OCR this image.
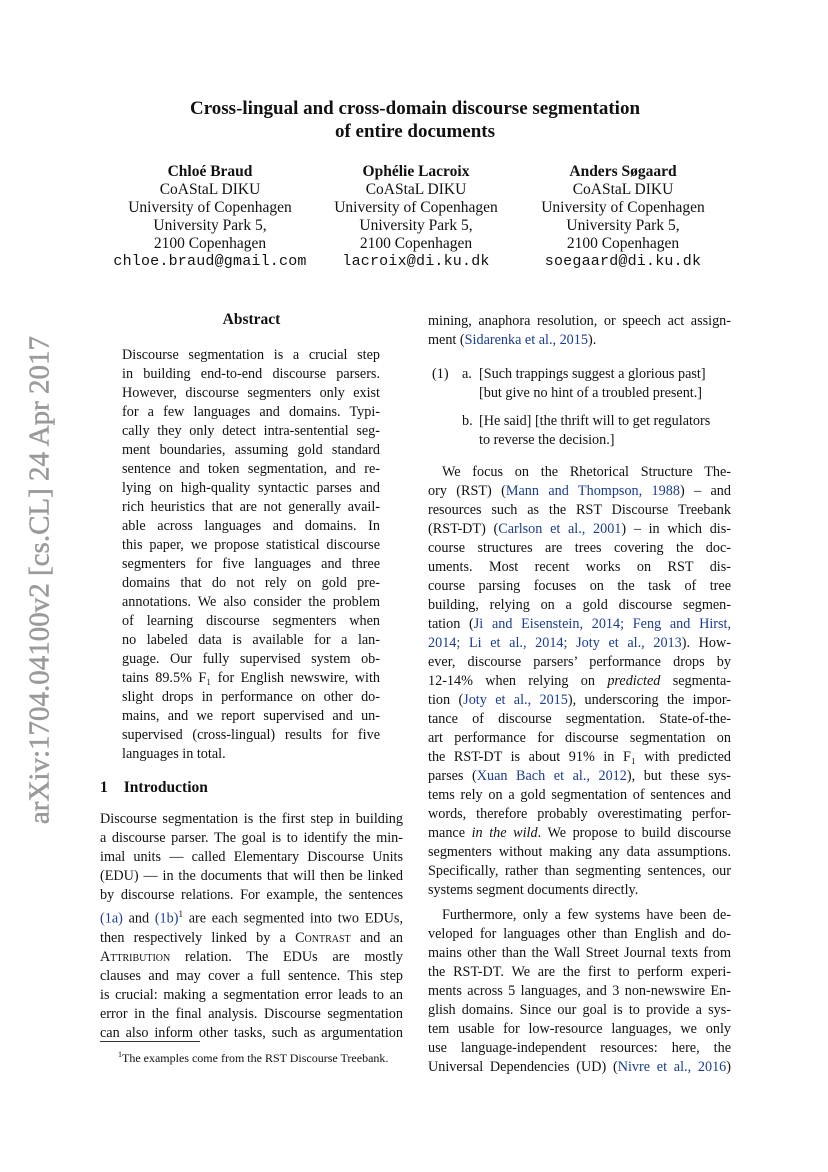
Cross-lingual and cross-domain discourse segmentation
of entire documents
Chloé Braud
CoAStaL DIKU
University of Copenhagen
University Park 5,
2100 Copenhagen
chloe.braud@gmail.com
Ophélie Lacroix
CoAStaL DIKU
University of Copenhagen
University Park 5,
2100 Copenhagen
lacroix@di.ku.dk
Anders Søgaard
CoAStaL DIKU
University of Copenhagen
University Park 5,
2100 Copenhagen
soegaard@di.ku.dk
arXiv:1704.04100v2 [cs.CL] 24 Apr 2017
Abstract
Discourse segmentation is a crucial step
in building end-to-end discourse parsers.
However, discourse segmenters only exist
for a few languages and domains. Typi-
cally they only detect intra-sentential seg-
ment boundaries, assuming gold standard
sentence and token segmentation, and re-
lying on high-quality syntactic parses and
rich heuristics that are not generally avail-
able across languages and domains. In
this paper, we propose statistical discourse
segmenters for five languages and three
domains that do not rely on gold pre-
annotations. We also consider the problem
of learning discourse segmenters when
no labeled data is available for a lan-
guage. Our fully supervised system ob-
tains 89.5% F₁ for English newswire, with
slight drops in performance on other do-
mains, and we report supervised and un-
supervised (cross-lingual) results for five
languages in total.
1 Introduction
Discourse segmentation is the first step in building
a discourse parser. The goal is to identify the min-
imal units — called Elementary Discourse Units
(EDU) — in the documents that will then be linked
by discourse relations. For example, the sentences
(1a) and $(1b)^1$ are each segmented into two EDUs,
then respectively linked by a Contrast and an
Attribution relation. The EDUs are mostly
clauses and may cover a full sentence. This step
is crucial: making a segmentation error leads to an
error in the final analysis. Discourse segmentation
can also inform other tasks, such as argumentation
$^1$The examples come from the RST Discourse Treebank.
mining, anaphora resolution, or speech act assign-
ment (Sidarenka et al., 2015).
(1) a. [Such trappings suggest a glorious past]
[but give no hint of a troubled present.]
b. [He said] [the thrift will to get regulators
to reverse the decision.]
We focus on the Rhetorical Structure The-
ory (RST) (Mann and Thompson, 1988) – and
resources such as the RST Discourse Treebank
(RST-DT) (Carlson et al., 2001) – in which dis-
course structures are trees covering the doc-
uments. Most recent works on RST dis-
course parsing focuses on the task of tree
building, relying on a gold discourse segmen-
tation (Ji and Eisenstein, 2014; Feng and Hirst,
2014; Li et al., 2014; Joty et al., 2013). How-
ever, discourse parsers’ performance drops by
12-14% when relying on predicted segmenta-
tion (Joty et al., 2015), underscoring the impor-
tance of discourse segmentation. State-of-the-
art performance for discourse segmentation on
the RST-DT is about 91% in F₁ with predicted
parses (Xuan Bach et al., 2012), but these sys-
tems rely on a gold segmentation of sentences and
words, therefore probably overestimating perfor-
mance in the wild. We propose to build discourse
segmenters without making any data assumptions.
Specifically, rather than segmenting sentences, our
systems segment documents directly.
Furthermore, only a few systems have been de-
veloped for languages other than English and do-
mains other than the Wall Street Journal texts from
the RST-DT. We are the first to perform experi-
ments across 5 languages, and 3 non-newswire En-
glish domains. Since our goal is to provide a sys-
tem usable for low-resource languages, we only
use language-independent resources: here, the
Universal Dependencies (UD) (Nivre et al., 2016)
